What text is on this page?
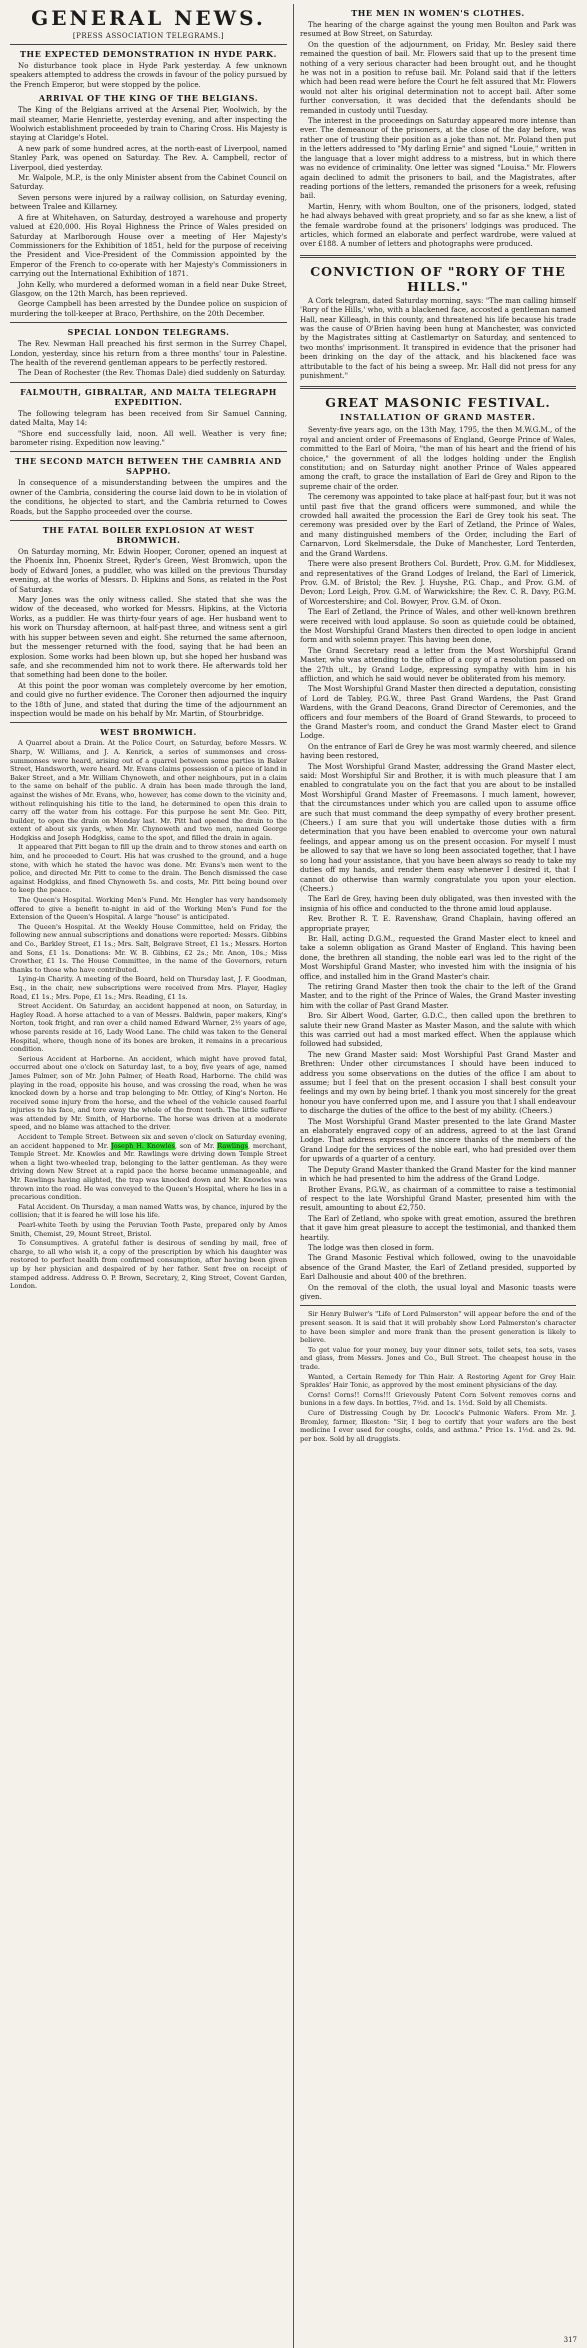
GENERAL NEWS.
[PRESS ASSOCIATION TELEGRAMS.]
THE EXPECTED DEMONSTRATION IN HYDE PARK.

No disturbance took place in Hyde Park yesterday. A few unknown speakers attempted to address the crowds in favour of the policy pursued by the French Emperor, but were stopped by the police.

ARRIVAL OF THE KING OF THE BELGIANS.

The King of the Belgians arrived at the Arsenal Pier, Woolwich, by the mail steamer, Marie Henriette, yesterday evening, and after inspecting the Woolwich establishment proceeded by train to Charing Cross. His Majesty is staying at Claridge's Hotel.

A new park of some hundred acres, at the north-east of Liverpool, named Stanley Park, was opened on Saturday. The Rev. A. Campbell, rector of Liverpool, died yesterday.

Mr. Walpole, M.P., is the only Minister absent from the Cabinet Council on Saturday.

Seven persons were injured by a railway collision, on Saturday evening, between Tralee and Killarney.

A fire at Whitehaven, on Saturday, destroyed a warehouse and property valued at £20,000. His Royal Highness the Prince of Wales presided on Saturday at Marlborough House over a meeting of Her Majesty's Commissioners for the Exhibition of 1851, held for the purpose of receiving the President and Vice-President of the Commission appointed by the Emperor of the French to co-operate with her Majesty's Commissioners in carrying out the International Exhibition of 1871.

John Kelly, who murdered a deformed woman in a field near Duke Street, Glasgow, on the 12th March, has been reprieved.

George Campbell has been arrested by the Dundee police on suspicion of murdering the toll-keeper at Braco, Perthshire, on the 20th December.

SPECIAL LONDON TELEGRAMS.

The Rev. Newman Hall preached his first sermon in the Surrey Chapel, London, yesterday, since his return from a three months' tour in Palestine. The health of the reverend gentleman appears to be perfectly restored.

The Dean of Rochester (the Rev. Thomas Dale) died suddenly on Saturday.

FALMOUTH, GIBRALTAR, AND MALTA TELEGRAPH EXPEDITION.

The following telegram has been received from Sir Samuel Canning, dated Malta, May 14:

"Shore end successfully laid, noon. All well. Weather is very fine; barometer rising. Expedition now leaving."

THE SECOND MATCH BETWEEN THE CAMBRIA AND SAPPHO.

In consequence of a misunderstanding between the umpires and the owner of the Cambria, considering the course laid down to be in violation of the conditions, he objected to start, and the Cambria returned to Cowes Roads, but the Sappho proceeded over the course.

THE FATAL BOILER EXPLOSION AT WEST BROMWICH.

On Saturday morning, Mr. Edwin Hooper, Coroner, opened an inquest at the Phoenix Inn, Phoenix Street, Ryder's Green, West Bromwich, upon the body of Edward Jones, a puddler, who was killed on the previous Thursday evening, at the works of Messrs. D. Hipkins and Sons, as related in the Post of Saturday.

Mary Jones was the only witness called. She stated that she was the widow of the deceased, who worked for Messrs. Hipkins, at the Victoria Works, as a puddler. He was thirty-four years of age. Her husband went to his work on Thursday afternoon, at half-past three, and witness sent a girl with his supper between seven and eight. She returned the same afternoon, but the messenger returned with the food, saying that he had been an explosion. Some works had been blown up, but she hoped her husband was safe, and she recommended him not to work there. He afterwards told her that something had been done to the boiler.

At this point the poor woman was completely overcome by her emotion, and could give no further evidence. The Coroner then adjourned the inquiry to the 18th of June, and stated that during the time of the adjournment an inspection would be made on his behalf by Mr. Martin, of Stourbridge.

WEST BROMWICH.

A Quarrel about a Drain. At the Police Court, on Saturday, before Messrs. W. Sharp, W. Williams, and J. A. Kenrick, a series of summonses and cross-summonses were heard, arising out of a quarrel between some parties in Baker Street, Handsworth, were heard. Mr. Evans claims possession of a piece of land in Baker Street, and a Mr. William Chynoweth, and other neighbours, put in a claim to the same on behalf of the public. A drain has been made through the land, against the wishes of Mr. Evans, who, however, has come down to the vicinity and, without relinquishing his title to the land, he determined to open this drain to carry off the water from his cottage. For this purpose he sent Mr. Geo. Pitt, builder, to open the drain on Monday last. Mr. Pitt had opened the drain to the extent of about six yards, when Mr. Chynoweth and two men, named George Hodgkiss and Joseph Hodgkiss, came to the spot, and filled the drain in again.

It appeared that Pitt began to fill up the drain and to throw stones and earth on him, and he proceeded to Court. His hat was crushed to the ground, and a huge stone, with which he stated the havoc was done. Mr. Evans's men went to the police, and directed Mr. Pitt to come to the drain. The Bench dismissed the case against Hodgkiss, and fined Chynoweth 5s. and costs, Mr. Pitt being bound over to keep the peace.

The Queen's Hospital. Working Men's Fund. Mr. Hengler has very handsomely offered to give a benefit to-night in aid of the Working Men's Fund for the Extension of the Queen's Hospital. A large "house" is anticipated.

The Queen's Hospital. At the Weekly House Committee, held on Friday, the following new annual subscriptions and donations were reported: Messrs. Gibbins and Co., Barkley Street, £1 1s.; Mrs. Salt, Belgrave Street, £1 1s.; Messrs. Horton and Sons, £1 1s. Donations: Mr. W. B. Gibbins, £2 2s.; Mr. Anon, 10s.; Miss Crowther, £1 1s. The House Committee, in the name of the Governors, return thanks to those who have contributed.

Lying-in Charity. A meeting of the Board, held on Thursday last, J. F. Goodman, Esq., in the chair, new subscriptions were received from Mrs. Player, Hagley Road, £1 1s.; Mrs. Pope, £1 1s.; Mrs. Reading, £1 1s.

Street Accident. On Saturday, an accident happened at noon, on Saturday, in Hagley Road. A horse attached to a van of Messrs. Baldwin, paper makers, King's Norton, took fright, and ran over a child named Edward Warner, 2½ years of age, whose parents reside at 16, Lady Wood Lane. The child was taken to the General Hospital, where, though none of its bones are broken, it remains in a precarious condition.

Serious Accident at Harborne. An accident, which might have proved fatal, occurred about one o'clock on Saturday last, to a boy, five years of age, named James Palmer, son of Mr. John Palmer, of Heath Road, Harborne. The child was playing in the road, opposite his house, and was crossing the road, when he was knocked down by a horse and trap belonging to Mr. Ottley, of King's Norton. He received some injury from the horse, and the wheel of the vehicle caused fearful injuries to his face, and tore away the whole of the front teeth. The little sufferer was attended by Mr. Smith, of Harborne. The horse was driven at a moderate speed, and no blame was attached to the driver.

Accident to Temple Street. Between six and seven o'clock on Saturday evening, an accident happened to Mr. Joseph H. Knowles, son of Mr. Rawlings, merchant, Temple Street. Mr. Knowles and Mr. Rawlings were driving down Temple Street when a light two-wheeled trap, belonging to the latter gentleman. As they were driving down New Street at a rapid pace the horse became unmanageable, and Mr. Rawlings having alighted, the trap was knocked down and Mr. Knowles was thrown into the road. He was conveyed to the Queen's Hospital, where he lies in a precarious condition.

Fatal Accident. On Thursday, a man named Watts was, by chance, injured by the collision; that it is feared he will lose his life.

Pearl-white Teeth by using the Peruvian Tooth Paste, prepared only by Amos Smith, Chemist, 29, Mount Street, Bristol.

To Consumptives. A grateful father is desirous of sending by mail, free of charge, to all who wish it, a copy of the prescription by which his daughter was restored to perfect health from confirmed consumption, after having been given up by her physician and despaired of by her father. Sent free on receipt of stamped address. Address O. P. Brown, Secretary, 2, King Street, Covent Garden, London.

THE MEN IN WOMEN'S CLOTHES.

The hearing of the charge against the young men Boulton and Park was resumed at Bow Street, on Saturday.

On the question of the adjournment, on Friday, Mr. Besley said there remained the question of bail. Mr. Flowers said that up to the present time nothing of a very serious character had been brought out, and he thought he was not in a position to refuse bail. Mr. Poland said that if the letters which had been read were before the Court he felt assured that Mr. Flowers would not alter his original determination not to accept bail. After some further conversation, it was decided that the defendants should be remanded in custody until Tuesday.

The interest in the proceedings on Saturday appeared more intense than ever. The demeanour of the prisoners, at the close of the day before, was rather one of trusting their position as a joke than not. Mr. Poland then put in the letters addressed to "My darling Ernie" and signed "Louie," written in the language that a lover might address to a mistress, but in which there was no evidence of criminality. One letter was signed "Louisa." Mr. Flowers again declined to admit the prisoners to bail, and the Magistrates, after reading portions of the letters, remanded the prisoners for a week, refusing bail.

Martin, Henry, with whom Boulton, one of the prisoners, lodged, stated he had always behaved with great propriety, and so far as she knew, a list of the female wardrobe found at the prisoners' lodgings was produced. The articles, which formed an elaborate and perfect wardrobe, were valued at over £188. A number of letters and photographs were produced.

CONVICTION OF "RORY OF THE HILLS."

A Cork telegram, dated Saturday morning, says: "The man calling himself 'Rory of the Hills,' who, with a blackened face, accosted a gentleman named Hall, near Killeagh, in this county, and threatened his life because his trade was the cause of O'Brien having been hung at Manchester, was convicted by the Magistrates sitting at Castlemartyr on Saturday, and sentenced to two months' imprisonment. It transpired in evidence that the prisoner had been drinking on the day of the attack, and his blackened face was attributable to the fact of his being a sweep. Mr. Hall did not press for any punishment."

GREAT MASONIC FESTIVAL.
INSTALLATION OF GRAND MASTER.

Seventy-five years ago, on the 13th May, 1795, the then M.W.G.M., of the royal and ancient order of Freemasons of England, George Prince of Wales, committed to the Earl of Moira, "the man of his heart and the friend of his choice," the government of all the lodges holding under the English constitution; and on Saturday night another Prince of Wales appeared among the craft, to grace the installation of Earl de Grey and Ripon to the supreme chair of the order.

The ceremony was appointed to take place at half-past four, but it was not until past five that the grand officers were summoned, and while the crowded hall awaited the procession the Earl de Grey took his seat. The ceremony was presided over by the Earl of Zetland, the Prince of Wales, and many distinguished members of the Order, including the Earl of Carnarvon, Lord Skelmersdale, the Duke of Manchester, Lord Tenterden, and the Grand Wardens.

There were also present Brothers Col. Burdett, Prov. G.M. for Middlesex, and representatives of the Grand Lodges of Ireland, the Earl of Limerick, Prov. G.M. of Bristol; the Rev. J. Huyshe, P.G. Chap., and Prov. G.M. of Devon; Lord Leigh, Prov. G.M. of Warwickshire; the Rev. C. R. Davy, P.G.M. of Worcestershire; and Col. Bowyer, Prov. G.M. of Oxon.

The Earl of Zetland, the Prince of Wales, and other well-known brethren were received with loud applause. So soon as quietude could be obtained, the Most Worshipful Grand Masters then directed to open lodge in ancient form and with solemn prayer. This having been done,

The Grand Secretary read a letter from the Most Worshipful Grand Master, who was attending to the office of a copy of a resolution passed on the 27th ult., by Grand Lodge, expressing sympathy with him in his affliction, and which he said would never be obliterated from his memory.

The Most Worshipful Grand Master then directed a deputation, consisting of Lord de Tabley, P.G.W., three Past Grand Wardens, the Past Grand Wardens, with the Grand Deacons, Grand Director of Ceremonies, and the officers and four members of the Board of Grand Stewards, to proceed to the Grand Master's room, and conduct the Grand Master elect to Grand Lodge.

On the entrance of Earl de Grey he was most warmly cheered, and silence having been restored,

The Most Worshipful Grand Master, addressing the Grand Master elect, said: Most Worshipful Sir and Brother, it is with much pleasure that I am enabled to congratulate you on the fact that you are about to be installed Most Worshipful Grand Master of Freemasons. I much lament, however, that the circumstances under which you are called upon to assume office are such that must command the deep sympathy of every brother present. (Cheers.) I am sure that you will undertake those duties with a firm determination that you have been enabled to overcome your own natural feelings, and appear among us on the present occasion. For myself I must be allowed to say that we have so long been associated together, that I have so long had your assistance, that you have been always so ready to take my duties off my hands, and render them easy whenever I desired it, that I cannot do otherwise than warmly congratulate you upon your election. (Cheers.)

The Earl de Grey, having been duly obligated, was then invested with the insignia of his office and conducted to the throne amid loud applause.

Rev. Brother R. T. E. Ravenshaw, Grand Chaplain, having offered an appropriate prayer,

Br. Hall, acting D.G.M., requested the Grand Master elect to kneel and take a solemn obligation as Grand Master of England. This having been done, the brethren all standing, the noble earl was led to the right of the Most Worshipful Grand Master, who invested him with the insignia of his office, and installed him in the Grand Master's chair.

The retiring Grand Master then took the chair to the left of the Grand Master, and to the right of the Prince of Wales, the Grand Master investing him with the collar of Past Grand Master.

Bro. Sir Albert Wood, Garter, G.D.C., then called upon the brethren to salute their new Grand Master as Master Mason, and the salute with which this was carried out had a most marked effect. When the applause which followed had subsided,

The new Grand Master said: Most Worshipful Past Grand Master and Brethren: Under other circumstances I should have been induced to address you some observations on the duties of the office I am about to assume; but I feel that on the present occasion I shall best consult your feelings and my own by being brief. I thank you most sincerely for the great honour you have conferred upon me, and I assure you that I shall endeavour to discharge the duties of the office to the best of my ability. (Cheers.)

The Most Worshipful Grand Master presented to the late Grand Master an elaborately engraved copy of an address, agreed to at the last Grand Lodge. That address expressed the sincere thanks of the members of the Grand Lodge for the services of the noble earl, who had presided over them for upwards of a quarter of a century.

The Deputy Grand Master thanked the Grand Master for the kind manner in which he had presented to him the address of the Grand Lodge.

Brother Evans, P.G.W., as chairman of a committee to raise a testimonial of respect to the late Worshipful Grand Master, presented him with the result, amounting to about £2,750.

The Earl of Zetland, who spoke with great emotion, assured the brethren that it gave him great pleasure to accept the testimonial, and thanked them heartily.

The lodge was then closed in form.

The Grand Masonic Festival which followed, owing to the unavoidable absence of the Grand Master, the Earl of Zetland presided, supported by Earl Dalhousie and about 400 of the brethren.

On the removal of the cloth, the usual loyal and Masonic toasts were given.

Sir Henry Bulwer's "Life of Lord Palmerston" will appear before the end of the present season. It is said that it will probably show Lord Palmerston's character to have been simpler and more frank than the present generation is likely to believe.

To get value for your money, buy your dinner sets, toilet sets, tea sets, vases and glass, from Messrs. Jones and Co., Bull Street. The cheapest house in the trade.

Wanted, a Certain Remedy for Thin Hair. A Restoring Agent for Grey Hair. Sprakles' Hair Tonic, as approved by the most eminent physicians of the day.

Corns! Corns!! Corns!!! Grievously Patent Corn Solvent removes corns and bunions in a few days. In bottles, 7½d. and 1s. 1½d. Sold by all Chemists.

Cure of Distressing Cough by Dr. Locock's Pulmonic Wafers. From Mr. J. Bromley, farmer, Ilkeston: "Sir, I beg to certify that your wafers are the best medicine I ever used for coughs, colds, and asthma." Price 1s. 1½d. and 2s. 9d. per box. Sold by all druggists.

317
